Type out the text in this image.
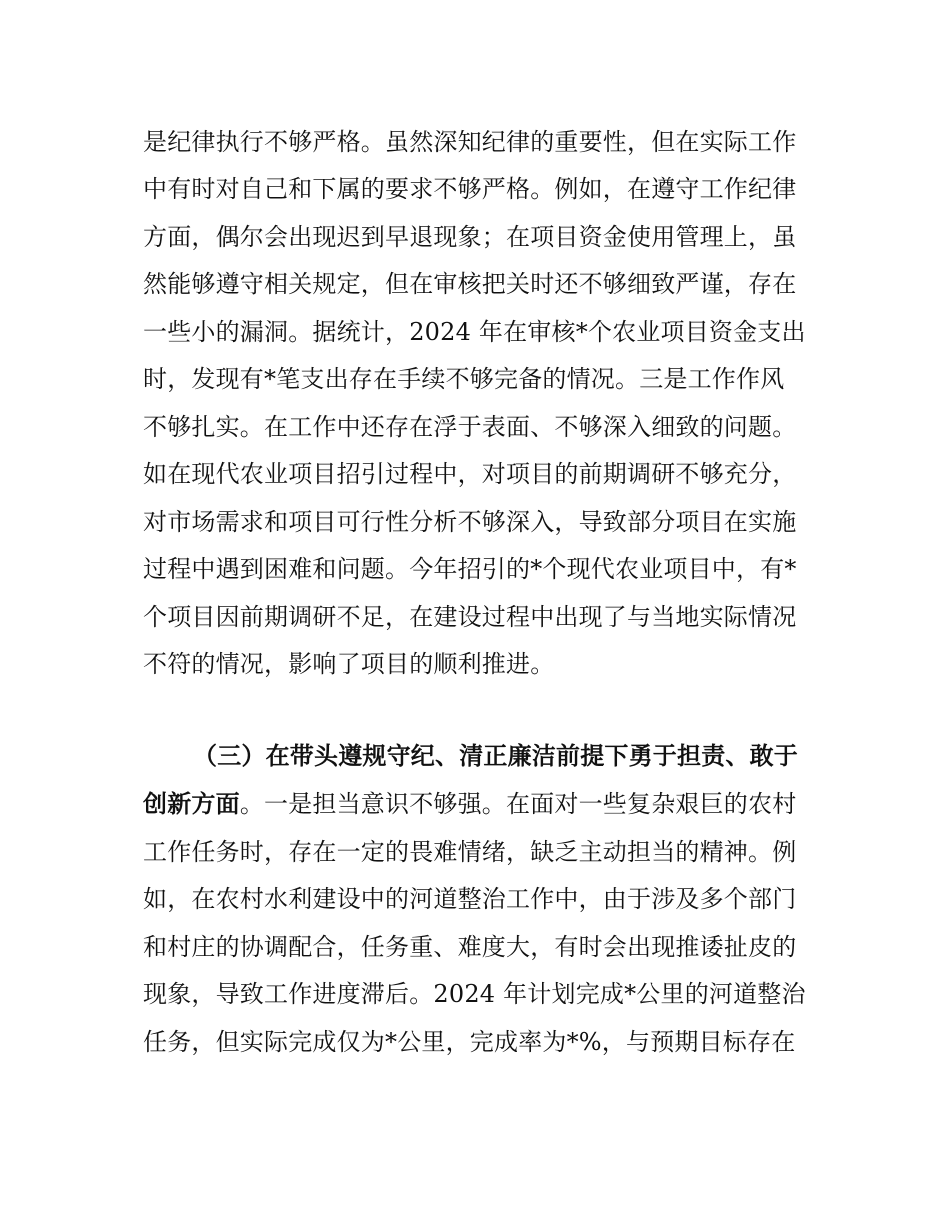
是纪律执行不够严格。虽然深知纪律的重要性，但在实际工作
中有时对自己和下属的要求不够严格。例如，在遵守工作纪律
方面，偶尔会出现迟到早退现象；在项目资金使用管理上，虽
然能够遵守相关规定，但在审核把关时还不够细致严谨，存在
一些小的漏洞。据统计，2024 年在审核*个农业项目资金支出
时，发现有*笔支出存在手续不够完备的情况。三是工作作风
不够扎实。在工作中还存在浮于表面、不够深入细致的问题。
如在现代农业项目招引过程中，对项目的前期调研不够充分，
对市场需求和项目可行性分析不够深入，导致部分项目在实施
过程中遇到困难和问题。今年招引的*个现代农业项目中，有*
个项目因前期调研不足，在建设过程中出现了与当地实际情况
不符的情况，影响了项目的顺利推进。
（三）在带头遵规守纪、清正廉洁前提下勇于担责、敢于
创新方面。一是担当意识不够强。在面对一些复杂艰巨的农村
工作任务时，存在一定的畏难情绪，缺乏主动担当的精神。例
如，在农村水利建设中的河道整治工作中，由于涉及多个部门
和村庄的协调配合，任务重、难度大，有时会出现推诿扯皮的
现象，导致工作进度滞后。2024 年计划完成*公里的河道整治
任务，但实际完成仅为*公里，完成率为*%，与预期目标存在
